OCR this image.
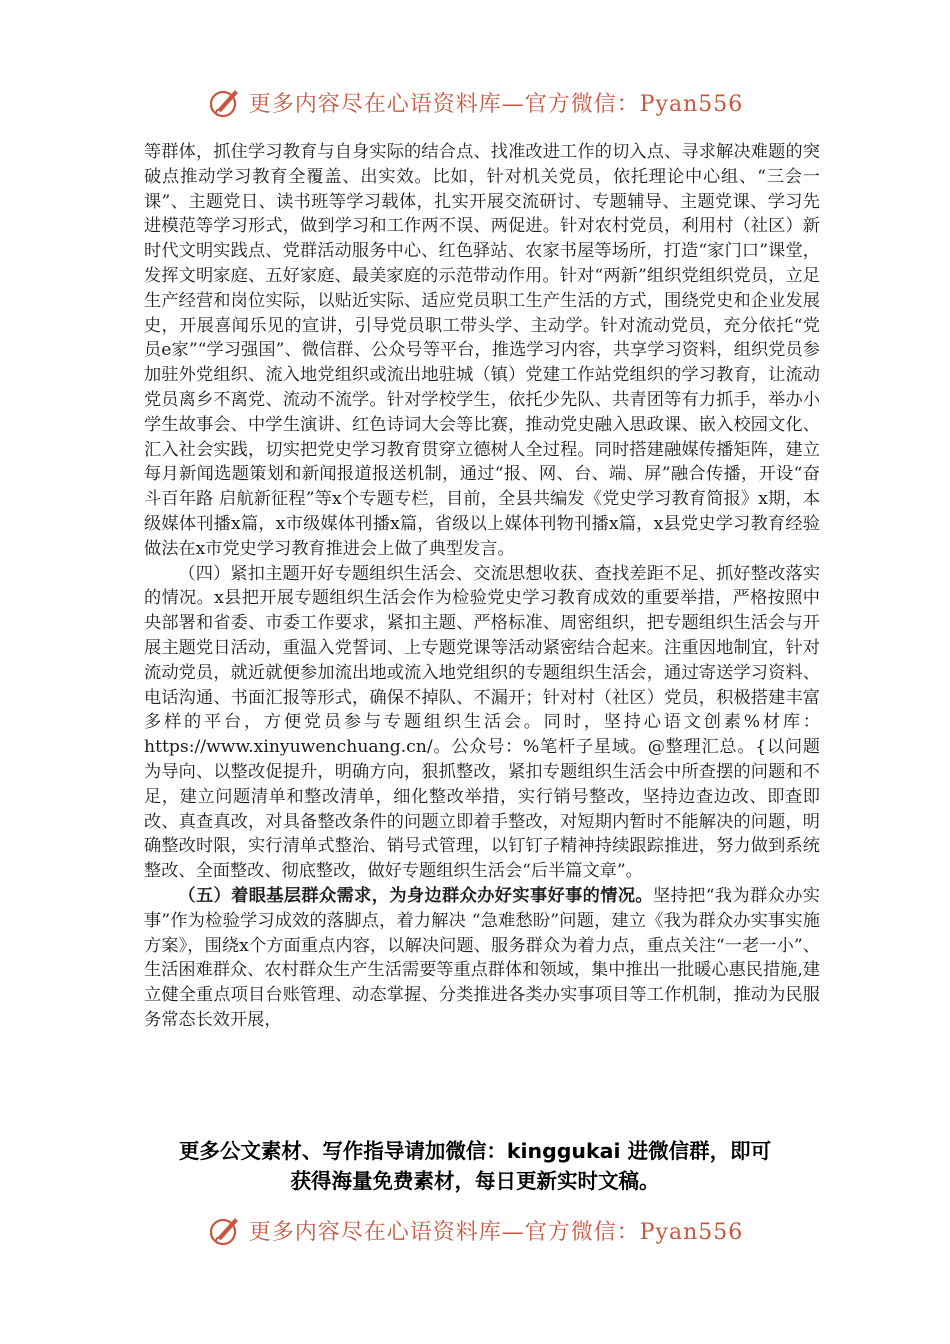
更多内容尽在心语资料库—官方微信：Pyan556

等群体，抓住学习教育与自身实际的结合点、找准改进工作的切入点、寻求解决难题的突破点推动学习教育全覆盖、出实效。比如，针对机关党员，依托理论中心组、“三会一课”、主题党日、读书班等学习载体，扎实开展交流研讨、专题辅导、主题党课、学习先进模范等学习形式，做到学习和工作两不误、两促进。针对农村党员，利用村（社区）新时代文明实践点、党群活动服务中心、红色驿站、农家书屋等场所，打造“家门口”课堂，发挥文明家庭、五好家庭、最美家庭的示范带动作用。针对“两新”组织党组织党员，立足生产经营和岗位实际，以贴近实际、适应党员职工生产生活的方式，围绕党史和企业发展史，开展喜闻乐见的宣讲，引导党员职工带头学、主动学。针对流动党员，充分依托“党员e家”“学习强国”、微信群、公众号等平台，推选学习内容，共享学习资料，组织党员参加驻外党组织、流入地党组织或流出地驻城（镇）党建工作站党组织的学习教育，让流动党员离乡不离党、流动不流学。针对学校学生，依托少先队、共青团等有力抓手，举办小学生故事会、中学生演讲、红色诗词大会等比赛，推动党史融入思政课、嵌入校园文化、汇入社会实践，切实把党史学习教育贯穿立德树人全过程。同时搭建融媒传播矩阵，建立每月新闻选题策划和新闻报道报送机制，通过“报、网、台、端、屏”融合传播，开设“奋斗百年路 启航新征程”等x个专题专栏，目前，全县共编发《党史学习教育简报》x期，本级媒体刊播x篇，x市级媒体刊播x篇，省级以上媒体刊物刊播x篇，x县党史学习教育经验做法在x市党史学习教育推进会上做了典型发言。

（四）紧扣主题开好专题组织生活会、交流思想收获、查找差距不足、抓好整改落实的情况。x县把开展专题组织生活会作为检验党史学习教育成效的重要举措，严格按照中央部署和省委、市委工作要求，紧扣主题、严格标准、周密组织，把专题组织生活会与开展主题党日活动，重温入党誓词、上专题党课等活动紧密结合起来。注重因地制宜，针对流动党员，就近就便参加流出地或流入地党组织的专题组织生活会，通过寄送学习资料、电话沟通、书面汇报等形式，确保不掉队、不漏开；针对村（社区）党员，积极搭建丰富多样的平台，方便党员参与专题组织生活会。同时，坚持心语文创素%材库：https://www.xinyuwenchuang.cn/。公众号：%笔杆子星域。@整理汇总。{以问题为导向、以整改促提升，明确方向，狠抓整改，紧扣专题组织生活会中所查摆的问题和不足，建立问题清单和整改清单，细化整改举措，实行销号整改，坚持边查边改、即查即改、真查真改，对具备整改条件的问题立即着手整改，对短期内暂时不能解决的问题，明确整改时限，实行清单式整治、销号式管理，以钉钉子精神持续跟踪推进，努力做到系统整改、全面整改、彻底整改，做好专题组织生活会“后半篇文章”。

（五）着眼基层群众需求，为身边群众办好实事好事的情况。坚持把“我为群众办实事”作为检验学习成效的落脚点，着力解决 “急难愁盼”问题，建立《我为群众办实事实施方案》，围绕x个方面重点内容，以解决问题、服务群众为着力点，重点关注“一老一小”、生活困难群众、农村群众生产生活需要等重点群体和领域，集中推出一批暖心惠民措施,建立健全重点项目台账管理、动态掌握、分类推进各类办实事项目等工作机制，推动为民服务常态长效开展，

更多公文素材、写作指导请加微信：kinggukai 进微信群，即可
获得海量免费素材，每日更新实时文稿。
更多内容尽在心语资料库—官方微信：Pyan556
